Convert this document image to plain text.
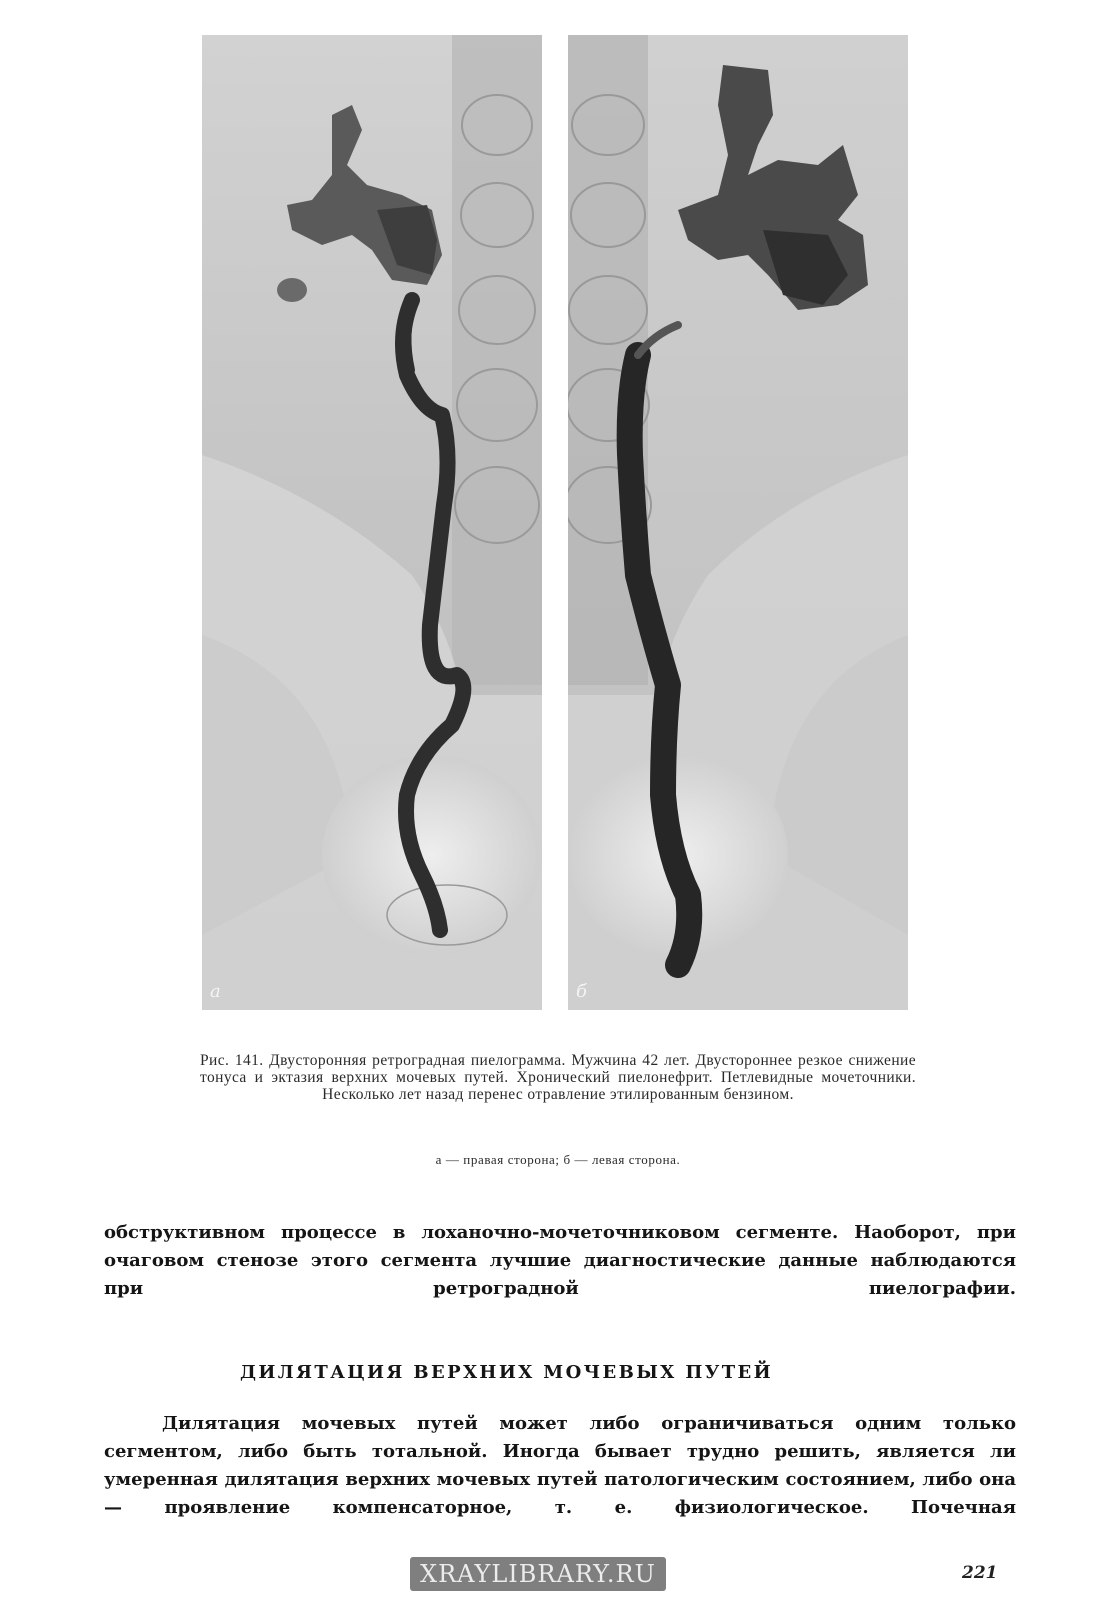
а	б

Рис. 141. Двусторонняя ретроградная пиелограмма. Мужчина 42 лет. Двустороннее резкое снижение тонуса и эктазия верхних мочевых путей. Хронический пиелонефрит. Петлевидные мочеточники. Несколько лет назад перенес отравление этилированным бензином.

а — правая сторона; б — левая сторона.

обструктивном процессе в лоханочно-мочеточниковом сегменте. Наоборот, при очаговом стенозе этого сегмента лучшие диагностические данные наблюдаются при ретроградной пиелографии.

ДИЛЯТАЦИЯ ВЕРХНИХ МОЧЕВЫХ ПУТЕЙ

Дилятация мочевых путей может либо ограничиваться одним только сегментом, либо быть тотальной. Иногда бывает трудно решить, является ли умеренная дилятация верхних мочевых путей патологическим состоянием, либо она — проявление компенсаторное, т. е. физиологическое. Почечная

221
XRAYLIBRARY.RU
